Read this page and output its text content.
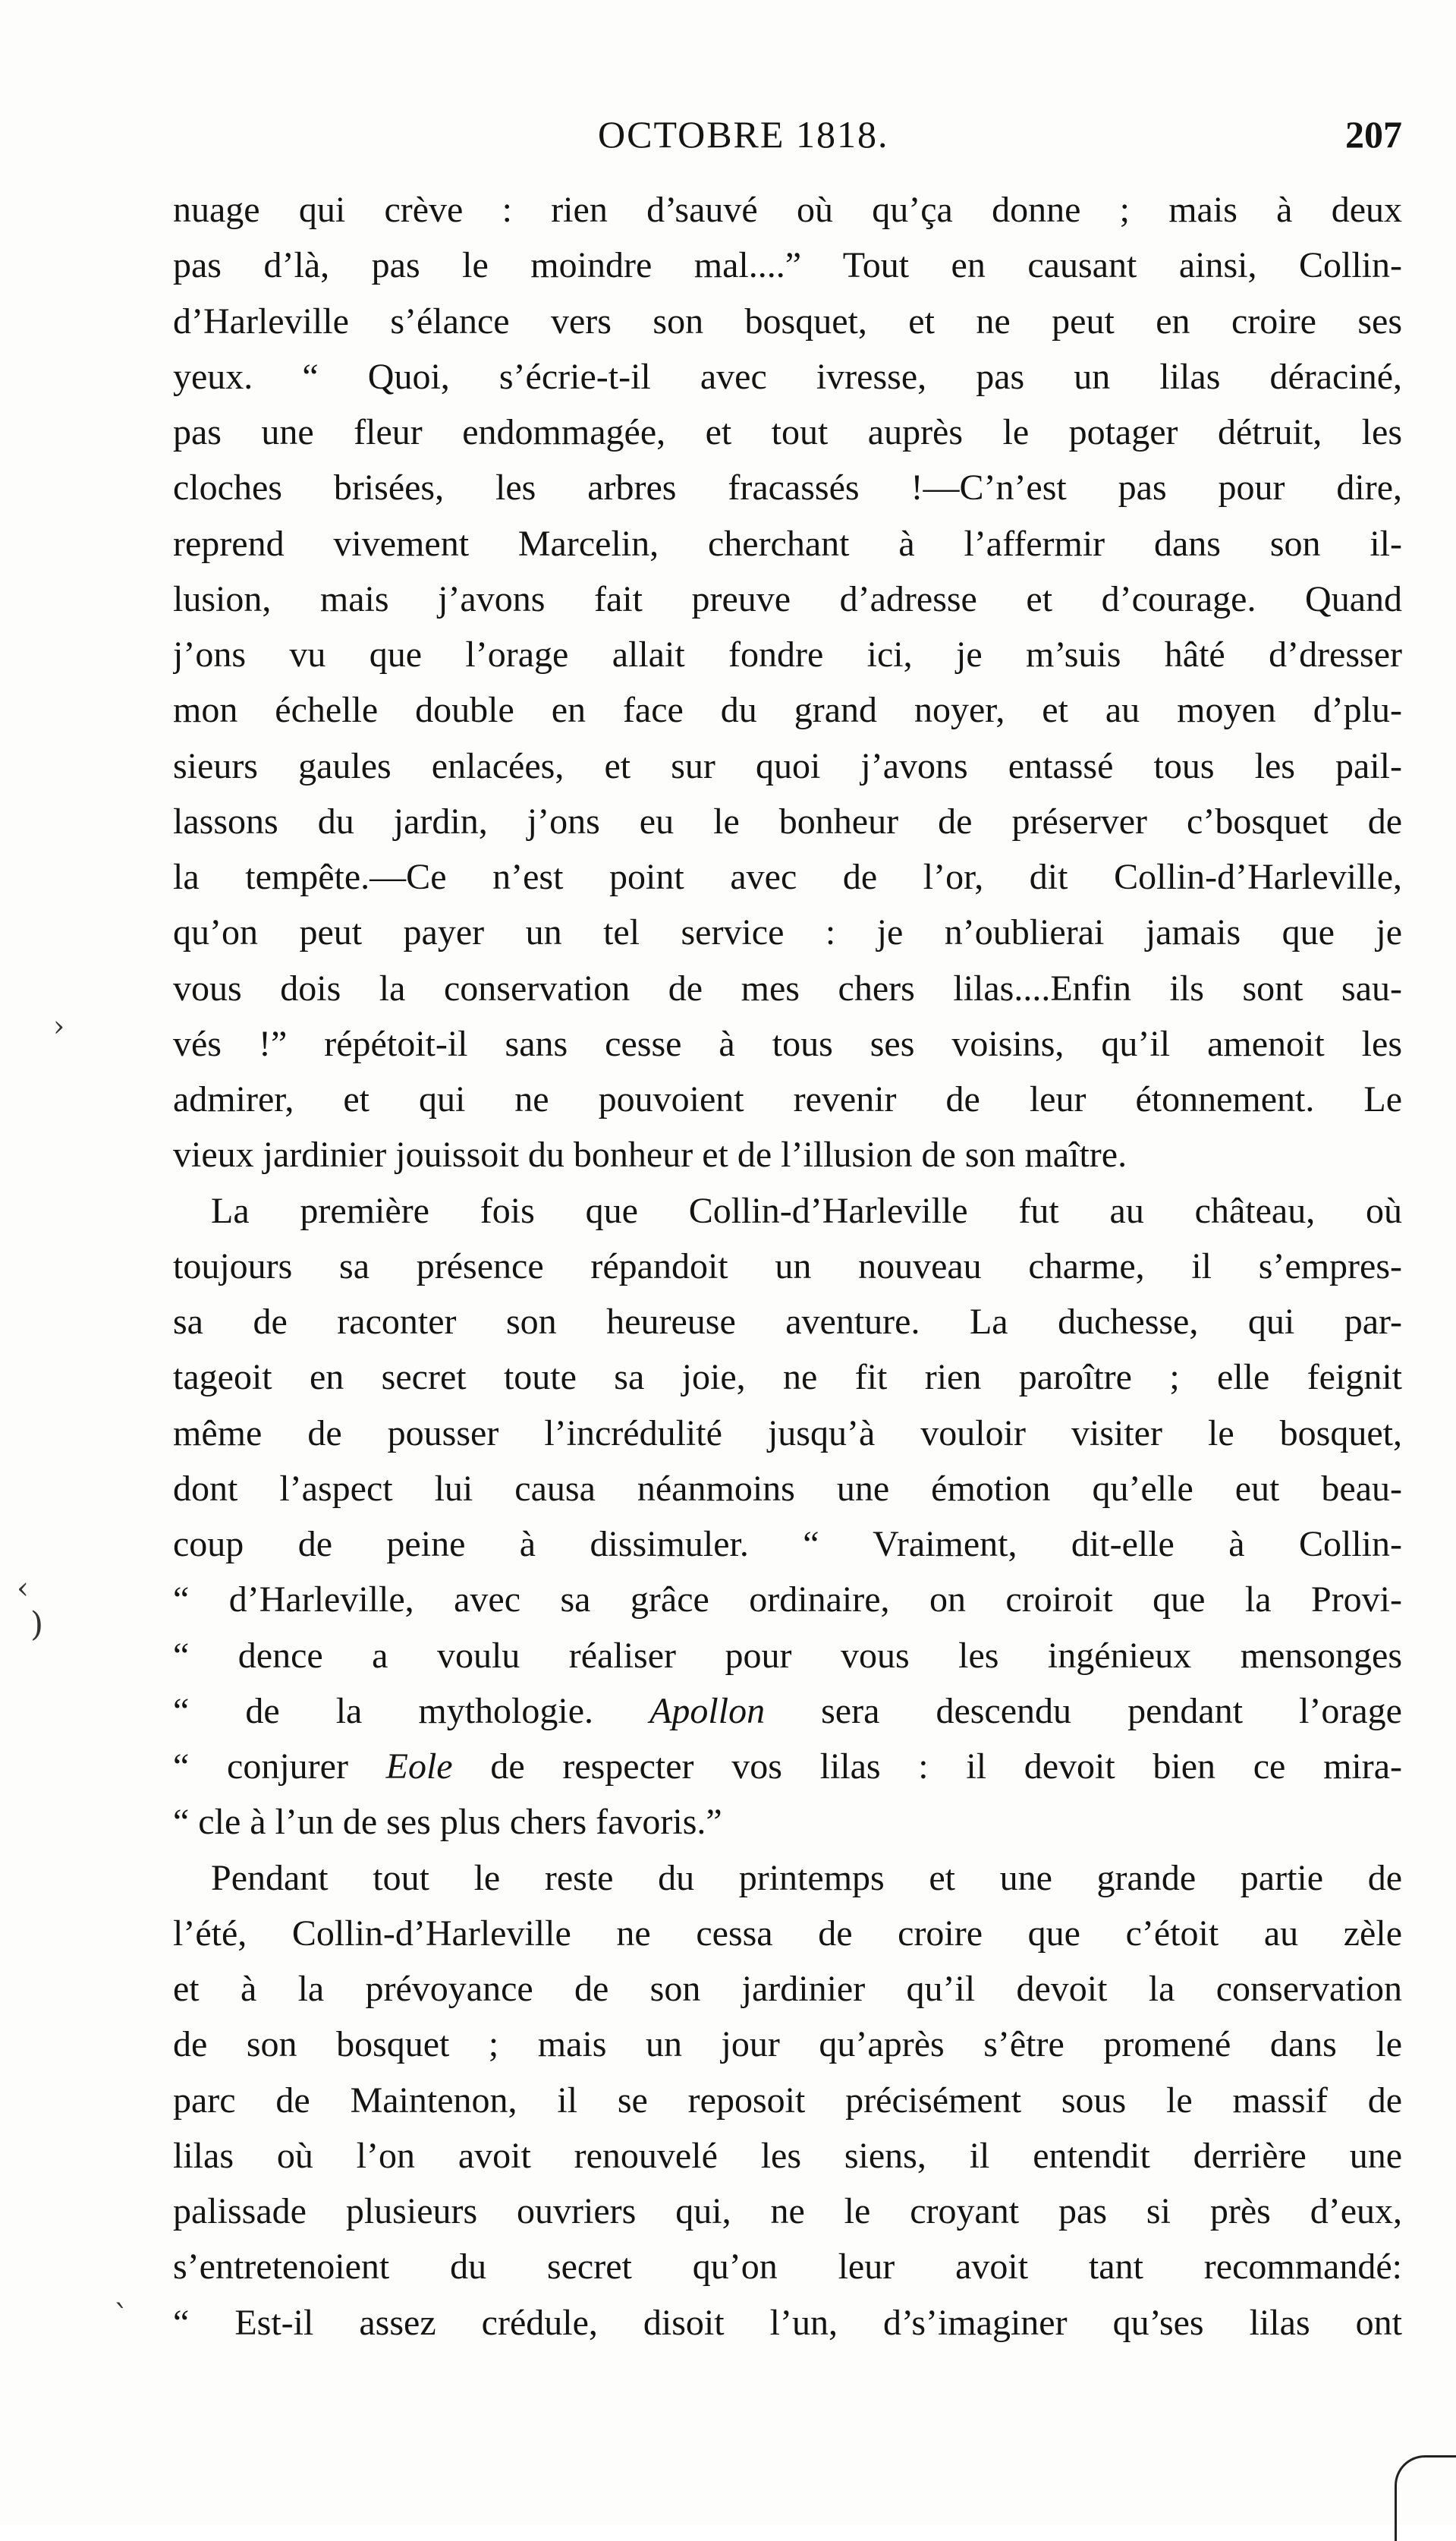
OCTOBRE 1818.	207
nuage qui crève : rien d’sauvé où qu’ça donne ; mais à deux
pas d’là, pas le moindre mal....” Tout en causant ainsi, Collin-
d’Harleville s’élance vers son bosquet, et ne peut en croire ses
yeux. “ Quoi, s’écrie-t-il avec ivresse, pas un lilas déraciné,
pas une fleur endommagée, et tout auprès le potager détruit, les
cloches brisées, les arbres fracassés !—C’n’est pas pour dire,
reprend vivement Marcelin, cherchant à l’affermir dans son il-
lusion, mais j’avons fait preuve d’adresse et d’courage. Quand
j’ons vu que l’orage allait fondre ici, je m’suis hâté d’dresser
mon échelle double en face du grand noyer, et au moyen d’plu-
sieurs gaules enlacées, et sur quoi j’avons entassé tous les pail-
lassons du jardin, j’ons eu le bonheur de préserver c’bosquet de
la tempête.—Ce n’est point avec de l’or, dit Collin-d’Harleville,
qu’on peut payer un tel service : je n’oublierai jamais que je
vous dois la conservation de mes chers lilas....Enfin ils sont sau-
vés !” répétoit-il sans cesse à tous ses voisins, qu’il amenoit les
admirer, et qui ne pouvoient revenir de leur étonnement. Le
vieux jardinier jouissoit du bonheur et de l’illusion de son maître.
La première fois que Collin-d’Harleville fut au château, où
toujours sa présence répandoit un nouveau charme, il s’empres-
sa de raconter son heureuse aventure. La duchesse, qui par-
tageoit en secret toute sa joie, ne fit rien paroître ; elle feignit
même de pousser l’incrédulité jusqu’à vouloir visiter le bosquet,
dont l’aspect lui causa néanmoins une émotion qu’elle eut beau-
coup de peine à dissimuler. “ Vraiment, dit-elle à Collin-
“ d’Harleville, avec sa grâce ordinaire, on croiroit que la Provi-
“ dence a voulu réaliser pour vous les ingénieux mensonges
“ de la mythologie. Apollon sera descendu pendant l’orage
“ conjurer Eole de respecter vos lilas : il devoit bien ce mira-
“ cle à l’un de ses plus chers favoris.”
Pendant tout le reste du printemps et une grande partie de
l’été, Collin-d’Harleville ne cessa de croire que c’étoit au zèle
et à la prévoyance de son jardinier qu’il devoit la conservation
de son bosquet ; mais un jour qu’après s’être promené dans le
parc de Maintenon, il se reposoit précisément sous le massif de
lilas où l’on avoit renouvelé les siens, il entendit derrière une
palissade plusieurs ouvriers qui, ne le croyant pas si près d’eux,
s’entretenoient du secret qu’on leur avoit tant recommandé:
“ Est-il assez crédule, disoit l’un, d’s’imaginer qu’ses lilas ont
›
‹
)
`
